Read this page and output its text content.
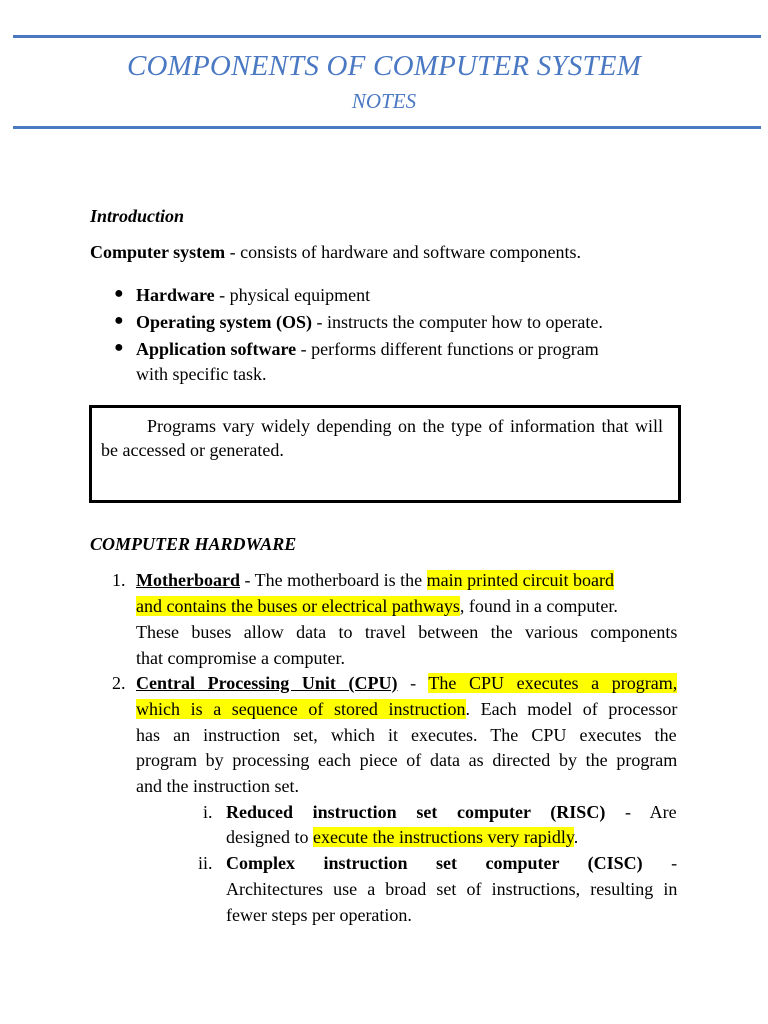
COMPONENTS OF COMPUTER SYSTEM
NOTES
Introduction
Computer system - consists of hardware and software components.
● Hardware - physical equipment
● Operating system (OS) - instructs the computer how to operate.
● Application software - performs different functions or program
with specific task.
Programs vary widely depending on the type of information that will be accessed or generated.
COMPUTER HARDWARE
1. Motherboard - The motherboard is the main printed circuit board
and contains the buses or electrical pathways, found in a computer.
These buses allow data to travel between the various components
that compromise a computer.
2. Central Processing Unit (CPU) - The CPU executes a program,
which is a sequence of stored instruction. Each model of processor
has an instruction set, which it executes. The CPU executes the
program by processing each piece of data as directed by the program
and the instruction set.
i. Reduced instruction set computer (RISC) - Are
designed to execute the instructions very rapidly.
ii. Complex instruction set computer (CISC) -
Architectures use a broad set of instructions, resulting in
fewer steps per operation.
